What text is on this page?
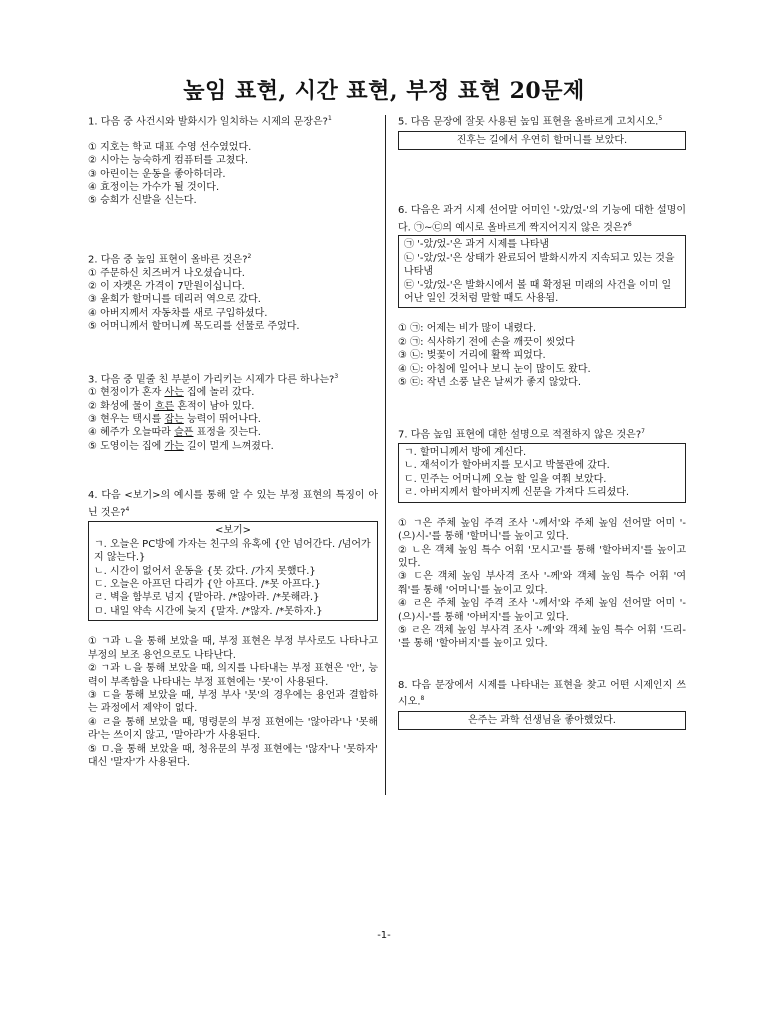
높임 표현, 시간 표현, 부정 표현 20문제

1. 다음 중 사건시와 발화시가 일치하는 시제의 문장은?$^1$

① 지호는 학교 대표 수영 선수였었다.

② 시아는 능숙하게 컴퓨터를 고쳤다.

③ 아린이는 운동을 좋아하더라.

④ 효정이는 가수가 될 것이다.

⑤ 승희가 신발을 신는다.

2. 다음 중 높임 표현이 올바른 것은?$^2$

① 주문하신 치즈버거 나오셨습니다.

② 이 자켓은 가격이 7만원이십니다.

③ 윤희가 할머니를 데리러 역으로 갔다.

④ 아버지께서 자동차를 새로 구입하셨다.

⑤ 어머니께서 할머니께 목도리를 선물로 주었다.

3. 다음 중 밑줄 친 부분이 가리키는 시제가 다른 하나는?$^3$

① 현정이가 혼자 사는 집에 놀러 갔다.

② 화성에 물이 흐른 흔적이 남아 있다.

③ 현우는 택시를 잡는 능력이 뛰어나다.

④ 혜주가 오늘따라 슬픈 표정을 짓는다.

⑤ 도영이는 집에 가는 길이 멀게 느껴졌다.

4. 다음 <보기>의 예시를 통해 알 수 있는 부정 표현의 특징이 아닌 것은?$^4$

<보기>
ㄱ. 오늘은 PC방에 가자는 친구의 유혹에 {안 넘어간다. /넘어가지 않는다.}
ㄴ. 시간이 없어서 운동을 {못 갔다. /가지 못했다.}
ㄷ. 오늘은 아프던 다리가 {안 아프다. /*못 아프다.}
ㄹ. 벽을 함부로 넘지 {말아라. /*않아라. /*못해라.}
ㅁ. 내일 약속 시간에 늦지 {말자. /*않자. /*못하자.}

① ㄱ과 ㄴ을 통해 보았을 때, 부정 표현은 부정 부사로도 나타나고 부정의 보조 용언으로도 나타난다.

② ㄱ과 ㄴ을 통해 보았을 때, 의지를 나타내는 부정 표현은 '안', 능력이 부족함을 나타내는 부정 표현에는 '못'이 사용된다.

③ ㄷ을 통해 보았을 때, 부정 부사 '못'의 경우에는 용언과 결합하는 과정에서 제약이 없다.

④ ㄹ을 통해 보았을 때, 명령문의 부정 표현에는 '않아라'나 '못해라'는 쓰이지 않고, '말아라'가 사용된다.

⑤ ㅁ.을 통해 보았을 때, 청유문의 부정 표현에는 '않자'나 '못하자' 대신 '말자'가 사용된다.

5. 다음 문장에 잘못 사용된 높임 표현을 올바르게 고치시오.$^5$

진후는 길에서 우연히 할머니를 보았다.

6. 다음은 과거 시제 선어말 어미인 '-았/었-'의 기능에 대한 설명이다. ㉠~㉢의 예시로 올바르게 짝지어지지 않은 것은?$^6$

㉠ '-았/었-'은 과거 시제를 나타냄
㉡ '-았/었-'은 상태가 완료되어 발화시까지 지속되고 있는 것을 나타냄
㉢ '-았/었-'은 발화시에서 볼 때 확정된 미래의 사건을 이미 일어난 일인 것처럼 말할 때도 사용됨.

① ㉠: 어제는 비가 많이 내렸다.

② ㉠: 식사하기 전에 손을 깨끗이 씻었다

③ ㉡: 벚꽃이 거리에 활짝 피었다.

④ ㉡: 아침에 일어나 보니 눈이 많이도 왔다.

⑤ ㉢: 작년 소풍 날은 날씨가 좋지 않았다.

7. 다음 높임 표현에 대한 설명으로 적절하지 않은 것은?$^7$

ㄱ. 할머니께서 방에 계신다.
ㄴ. 재석이가 할아버지를 모시고 박물관에 갔다.
ㄷ. 민주는 어머니께 오늘 할 일을 여쭤 보았다.
ㄹ. 아버지께서 할아버지께 신문을 가져다 드리셨다.

① ㄱ은 주체 높임 주격 조사 '-께서'와 주체 높임 선어말 어미 '-(으)시-'를 통해 '할머니'를 높이고 있다.

② ㄴ은 객체 높임 특수 어휘 '모시고'를 통해 '할아버지'를 높이고 있다.

③ ㄷ은 객체 높임 부사격 조사 '-께'와 객체 높임 특수 어휘 '여쭤'를 통해 '어머니'를 높이고 있다.

④ ㄹ은 주체 높임 주격 조사 '-께서'와 주체 높임 선어말 어미 '-(으)시-'를 통해 '아버지'를 높이고 있다.

⑤ ㄹ은 객체 높임 부사격 조사 '-께'와 객체 높임 특수 어휘 '드리-'를 통해 '할아버지'를 높이고 있다.

8. 다음 문장에서 시제를 나타내는 표현을 찾고 어떤 시제인지 쓰시오.$^8$

은주는 과학 선생님을 좋아했었다.
-1-
